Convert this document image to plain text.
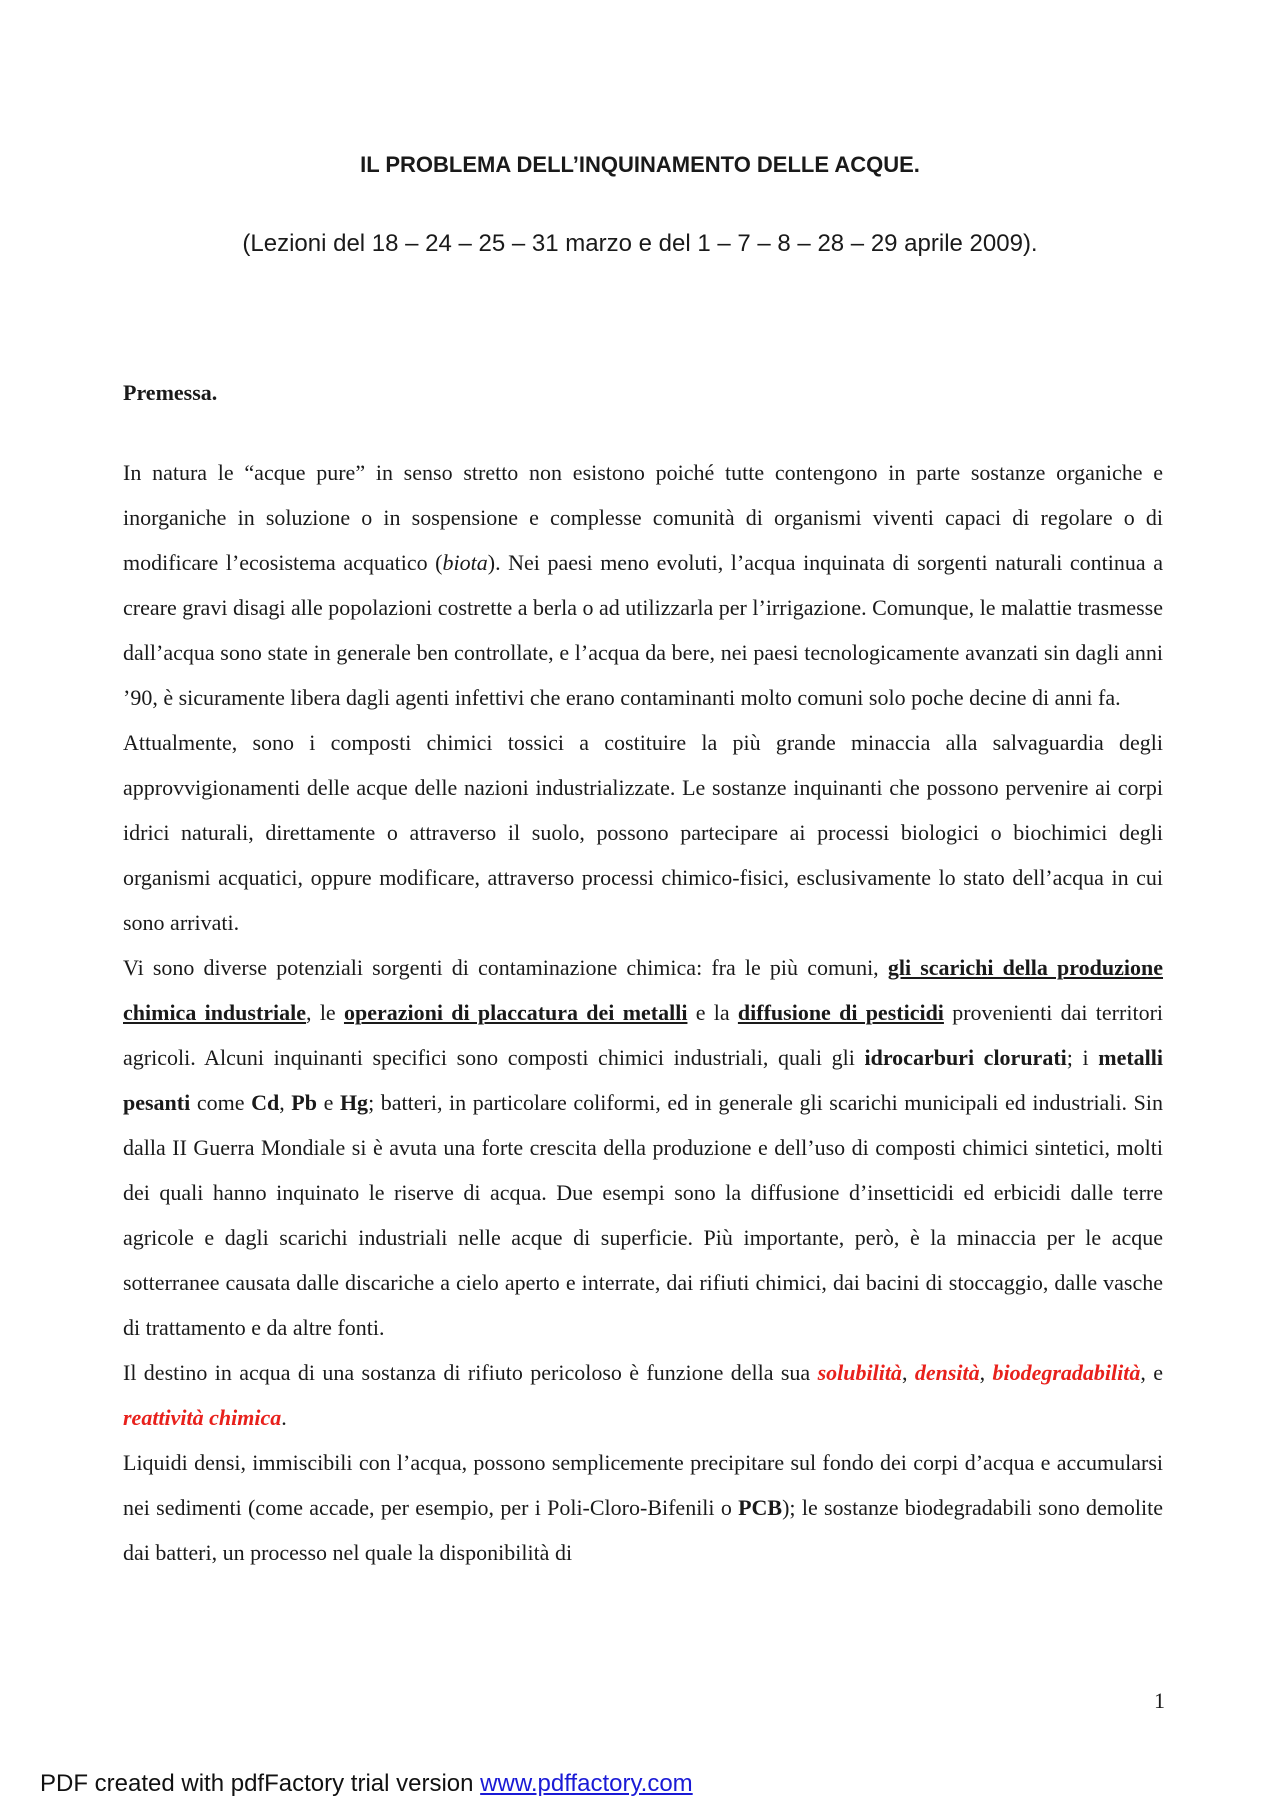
IL PROBLEMA DELL’INQUINAMENTO DELLE ACQUE.
(Lezioni del 18 – 24 – 25 – 31 marzo e del 1 – 7 – 8 – 28 – 29 aprile 2009).
Premessa.

In natura le “acque pure” in senso stretto non esistono poiché tutte contengono in parte sostanze organiche e inorganiche in soluzione o in sospensione e complesse comunità di organismi viventi capaci di regolare o di modificare l’ecosistema acquatico (biota). Nei paesi meno evoluti, l’acqua inquinata di sorgenti naturali continua a creare gravi disagi alle popolazioni costrette a berla o ad utilizzarla per l’irrigazione. Comunque, le malattie trasmesse dall’acqua sono state in generale ben controllate, e l’acqua da bere, nei paesi tecnologicamente avanzati sin dagli anni ’90, è sicuramente libera dagli agenti infettivi che erano contaminanti molto comuni solo poche decine di anni fa.

Attualmente, sono i composti chimici tossici a costituire la più grande minaccia alla salvaguardia degli approvvigionamenti delle acque delle nazioni industrializzate. Le sostanze inquinanti che possono pervenire ai corpi idrici naturali, direttamente o attraverso il suolo, possono partecipare ai processi biologici o biochimici degli organismi acquatici, oppure modificare, attraverso processi chimico-fisici, esclusivamente lo stato dell’acqua in cui sono arrivati.

Vi sono diverse potenziali sorgenti di contaminazione chimica: fra le più comuni, gli scarichi della produzione chimica industriale, le operazioni di placcatura dei metalli e la diffusione di pesticidi provenienti dai territori agricoli. Alcuni inquinanti specifici sono composti chimici industriali, quali gli idrocarburi clorurati; i metalli pesanti come Cd, Pb e Hg; batteri, in particolare coliformi, ed in generale gli scarichi municipali ed industriali. Sin dalla II Guerra Mondiale si è avuta una forte crescita della produzione e dell’uso di composti chimici sintetici, molti dei quali hanno inquinato le riserve di acqua. Due esempi sono la diffusione d’insetticidi ed erbicidi dalle terre agricole e dagli scarichi industriali nelle acque di superficie. Più importante, però, è la minaccia per le acque sotterranee causata dalle discariche a cielo aperto e interrate, dai rifiuti chimici, dai bacini di stoccaggio, dalle vasche di trattamento e da altre fonti.

Il destino in acqua di una sostanza di rifiuto pericoloso è funzione della sua solubilità, densità, biodegradabilità, e reattività chimica.

Liquidi densi, immiscibili con l’acqua, possono semplicemente precipitare sul fondo dei corpi d’acqua e accumularsi nei sedimenti (come accade, per esempio, per i Poli-Cloro-Bifenili o PCB); le sostanze biodegradabili sono demolite dai batteri, un processo nel quale la disponibilità di

1
PDF created with pdfFactory trial version www.pdffactory.com
